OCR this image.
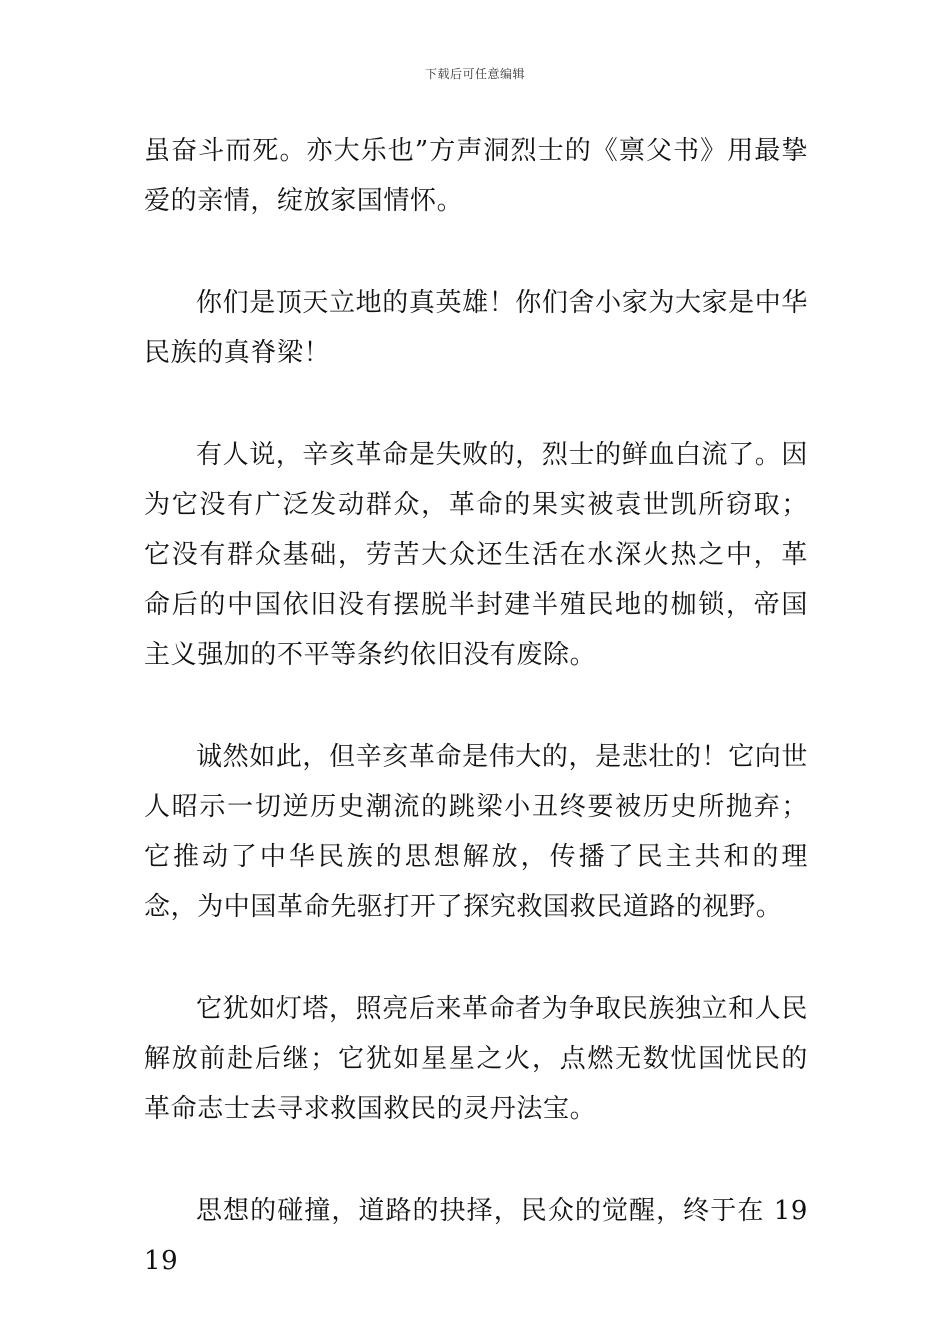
下载后可任意编辑

虽奋斗而死。亦大乐也”方声洞烈士的《禀父书》用最挚爱的亲情，绽放家国情怀。

你们是顶天立地的真英雄！你们舍小家为大家是中华民族的真脊梁！

有人说，辛亥革命是失败的，烈士的鲜血白流了。因为它没有广泛发动群众，革命的果实被袁世凯所窃取；它没有群众基础，劳苦大众还生活在水深火热之中，革命后的中国依旧没有摆脱半封建半殖民地的枷锁，帝国主义强加的不平等条约依旧没有废除。

诚然如此，但辛亥革命是伟大的，是悲壮的！它向世人昭示一切逆历史潮流的跳梁小丑终要被历史所抛弃；它推动了中华民族的思想解放，传播了民主共和的理念，为中国革命先驱打开了探究救国救民道路的视野。

它犹如灯塔，照亮后来革命者为争取民族独立和人民解放前赴后继；它犹如星星之火，点燃无数忧国忧民的革命志士去寻求救国救民的灵丹法宝。

思想的碰撞，道路的抉择，民众的觉醒，终于在 1919
